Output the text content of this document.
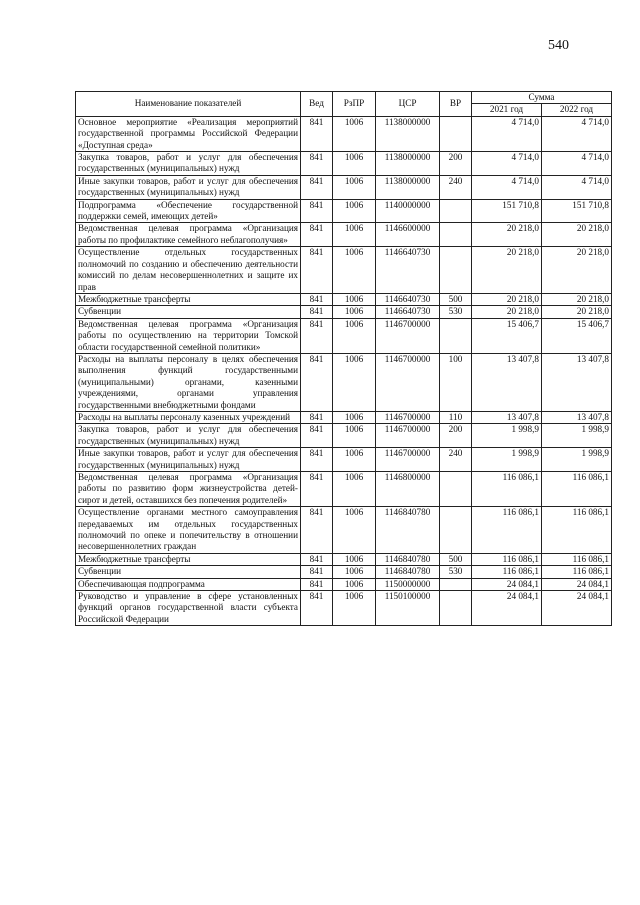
540
Наименование показателей	Вед	РзПР	ЦСР	ВР	Сумма	
					2021 год	2022 год
Основное мероприятие «Реализация мероприятий государственной программы Российской Федерации «Доступная среда»	841	1006	1138000000		4 714,0	4 714,0
Закупка товаров, работ и услуг для обеспечения государственных (муниципальных) нужд	841	1006	1138000000	200	4 714,0	4 714,0
Иные закупки товаров, работ и услуг для обеспечения государственных (муниципальных) нужд	841	1006	1138000000	240	4 714,0	4 714,0
Подпрограмма «Обеспечение государственной поддержки семей, имеющих детей»	841	1006	1140000000		151 710,8	151 710,8
Ведомственная целевая программа «Организация работы по профилактике семейного неблагополучия»	841	1006	1146600000		20 218,0	20 218,0
Осуществление отдельных государственных полномочий по созданию и обеспечению деятельности комиссий по делам несовершеннолетних и защите их прав	841	1006	1146640730		20 218,0	20 218,0
Межбюджетные трансферты	841	1006	1146640730	500	20 218,0	20 218,0
Субвенции	841	1006	1146640730	530	20 218,0	20 218,0
Ведомственная целевая программа «Организация работы по осуществлению на территории Томской области государственной семейной политики»	841	1006	1146700000		15 406,7	15 406,7
Расходы на выплаты персоналу в целях обеспечения выполнения функций государственными (муниципальными) органами, казенными учреждениями, органами управления государственными внебюджетными фондами	841	1006	1146700000	100	13 407,8	13 407,8
Расходы на выплаты персоналу казенных учреждений	841	1006	1146700000	110	13 407,8	13 407,8
Закупка товаров, работ и услуг для обеспечения государственных (муниципальных) нужд	841	1006	1146700000	200	1 998,9	1 998,9
Иные закупки товаров, работ и услуг для обеспечения государственных (муниципальных) нужд	841	1006	1146700000	240	1 998,9	1 998,9
Ведомственная целевая программа «Организация работы по развитию форм жизнеустройства детей-сирот и детей, оставшихся без попечения родителей»	841	1006	1146800000		116 086,1	116 086,1
Осуществление органами местного самоуправления передаваемых им отдельных государственных полномочий по опеке и попечительству в отношении несовершеннолетних граждан	841	1006	1146840780		116 086,1	116 086,1
Межбюджетные трансферты	841	1006	1146840780	500	116 086,1	116 086,1
Субвенции	841	1006	1146840780	530	116 086,1	116 086,1
Обеспечивающая подпрограмма	841	1006	1150000000		24 084,1	24 084,1
Руководство и управление в сфере установленных функций органов государственной власти субъекта Российской Федерации	841	1006	1150100000		24 084,1	24 084,1
